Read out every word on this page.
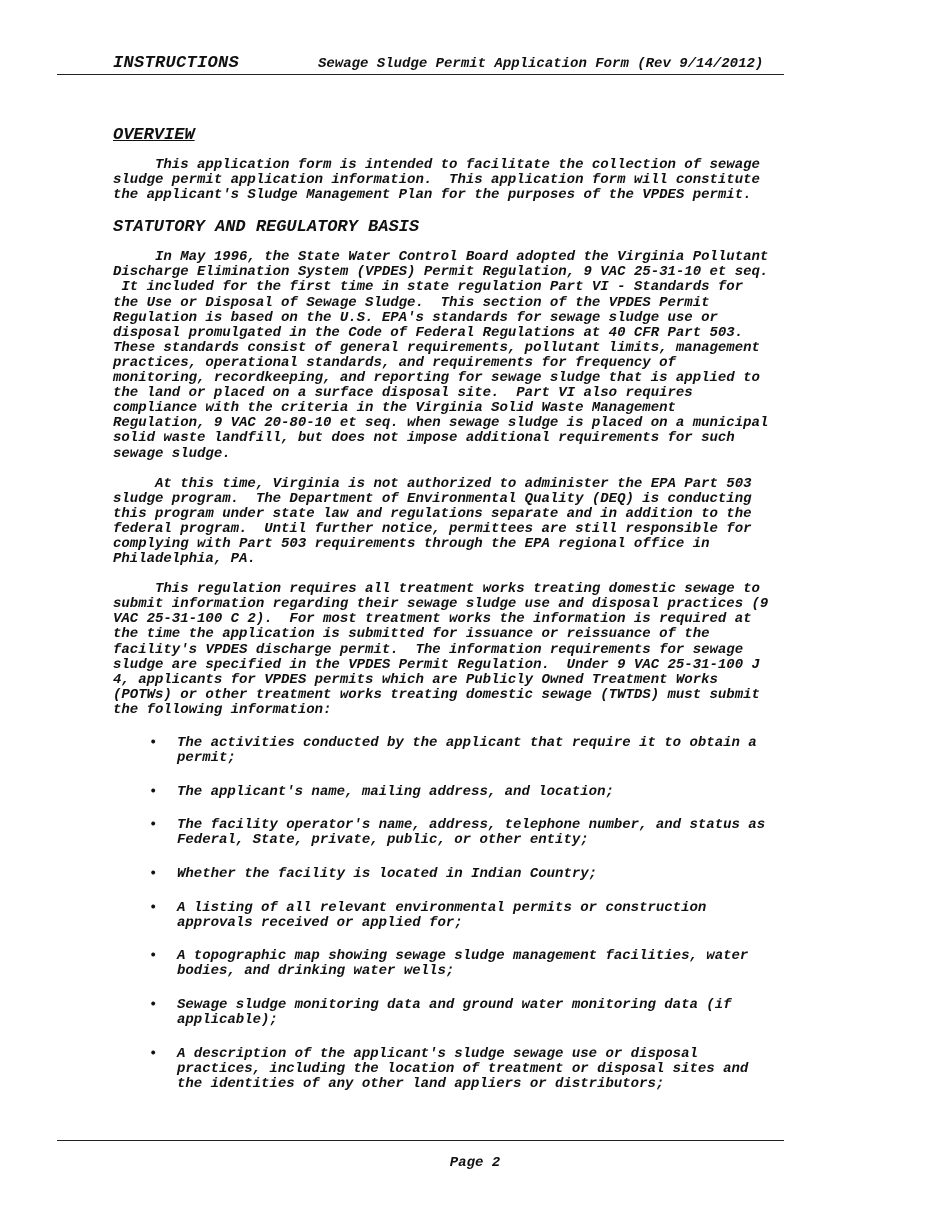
INSTRUCTIONS	Sewage Sludge Permit Application Form (Rev 9/14/2012)
OVERVIEW

This application form is intended to facilitate the collection of sewage
sludge permit application information.  This application form will constitute
the applicant's Sludge Management Plan for the purposes of the VPDES permit.

STATUTORY AND REGULATORY BASIS

In May 1996, the State Water Control Board adopted the Virginia Pollutant
Discharge Elimination System (VPDES) Permit Regulation, 9 VAC 25-31-10 et seq.
It included for the first time in state regulation Part VI - Standards for
the Use or Disposal of Sewage Sludge.  This section of the VPDES Permit
Regulation is based on the U.S. EPA's standards for sewage sludge use or
disposal promulgated in the Code of Federal Regulations at 40 CFR Part 503.
These standards consist of general requirements, pollutant limits, management
practices, operational standards, and requirements for frequency of
monitoring, recordkeeping, and reporting for sewage sludge that is applied to
the land or placed on a surface disposal site.  Part VI also requires
compliance with the criteria in the Virginia Solid Waste Management
Regulation, 9 VAC 20-80-10 et seq. when sewage sludge is placed on a municipal
solid waste landfill, but does not impose additional requirements for such
sewage sludge.

At this time, Virginia is not authorized to administer the EPA Part 503
sludge program.  The Department of Environmental Quality (DEQ) is conducting
this program under state law and regulations separate and in addition to the
federal program.  Until further notice, permittees are still responsible for
complying with Part 503 requirements through the EPA regional office in
Philadelphia, PA.

This regulation requires all treatment works treating domestic sewage to
submit information regarding their sewage sludge use and disposal practices (9
VAC 25-31-100 C 2).  For most treatment works the information is required at
the time the application is submitted for issuance or reissuance of the
facility's VPDES discharge permit.  The information requirements for sewage
sludge are specified in the VPDES Permit Regulation.  Under 9 VAC 25-31-100 J
4, applicants for VPDES permits which are Publicly Owned Treatment Works
(POTWs) or other treatment works treating domestic sewage (TWTDS) must submit
the following information:

• The activities conducted by the applicant that require it to obtain a
permit;
• The applicant's name, mailing address, and location;
• The facility operator's name, address, telephone number, and status as
Federal, State, private, public, or other entity;
• Whether the facility is located in Indian Country;
• A listing of all relevant environmental permits or construction
approvals received or applied for;
• A topographic map showing sewage sludge management facilities, water
bodies, and drinking water wells;
• Sewage sludge monitoring data and ground water monitoring data (if
applicable);
• A description of the applicant's sludge sewage use or disposal
practices, including the location of treatment or disposal sites and
the identities of any other land appliers or distributors;
Page 2
